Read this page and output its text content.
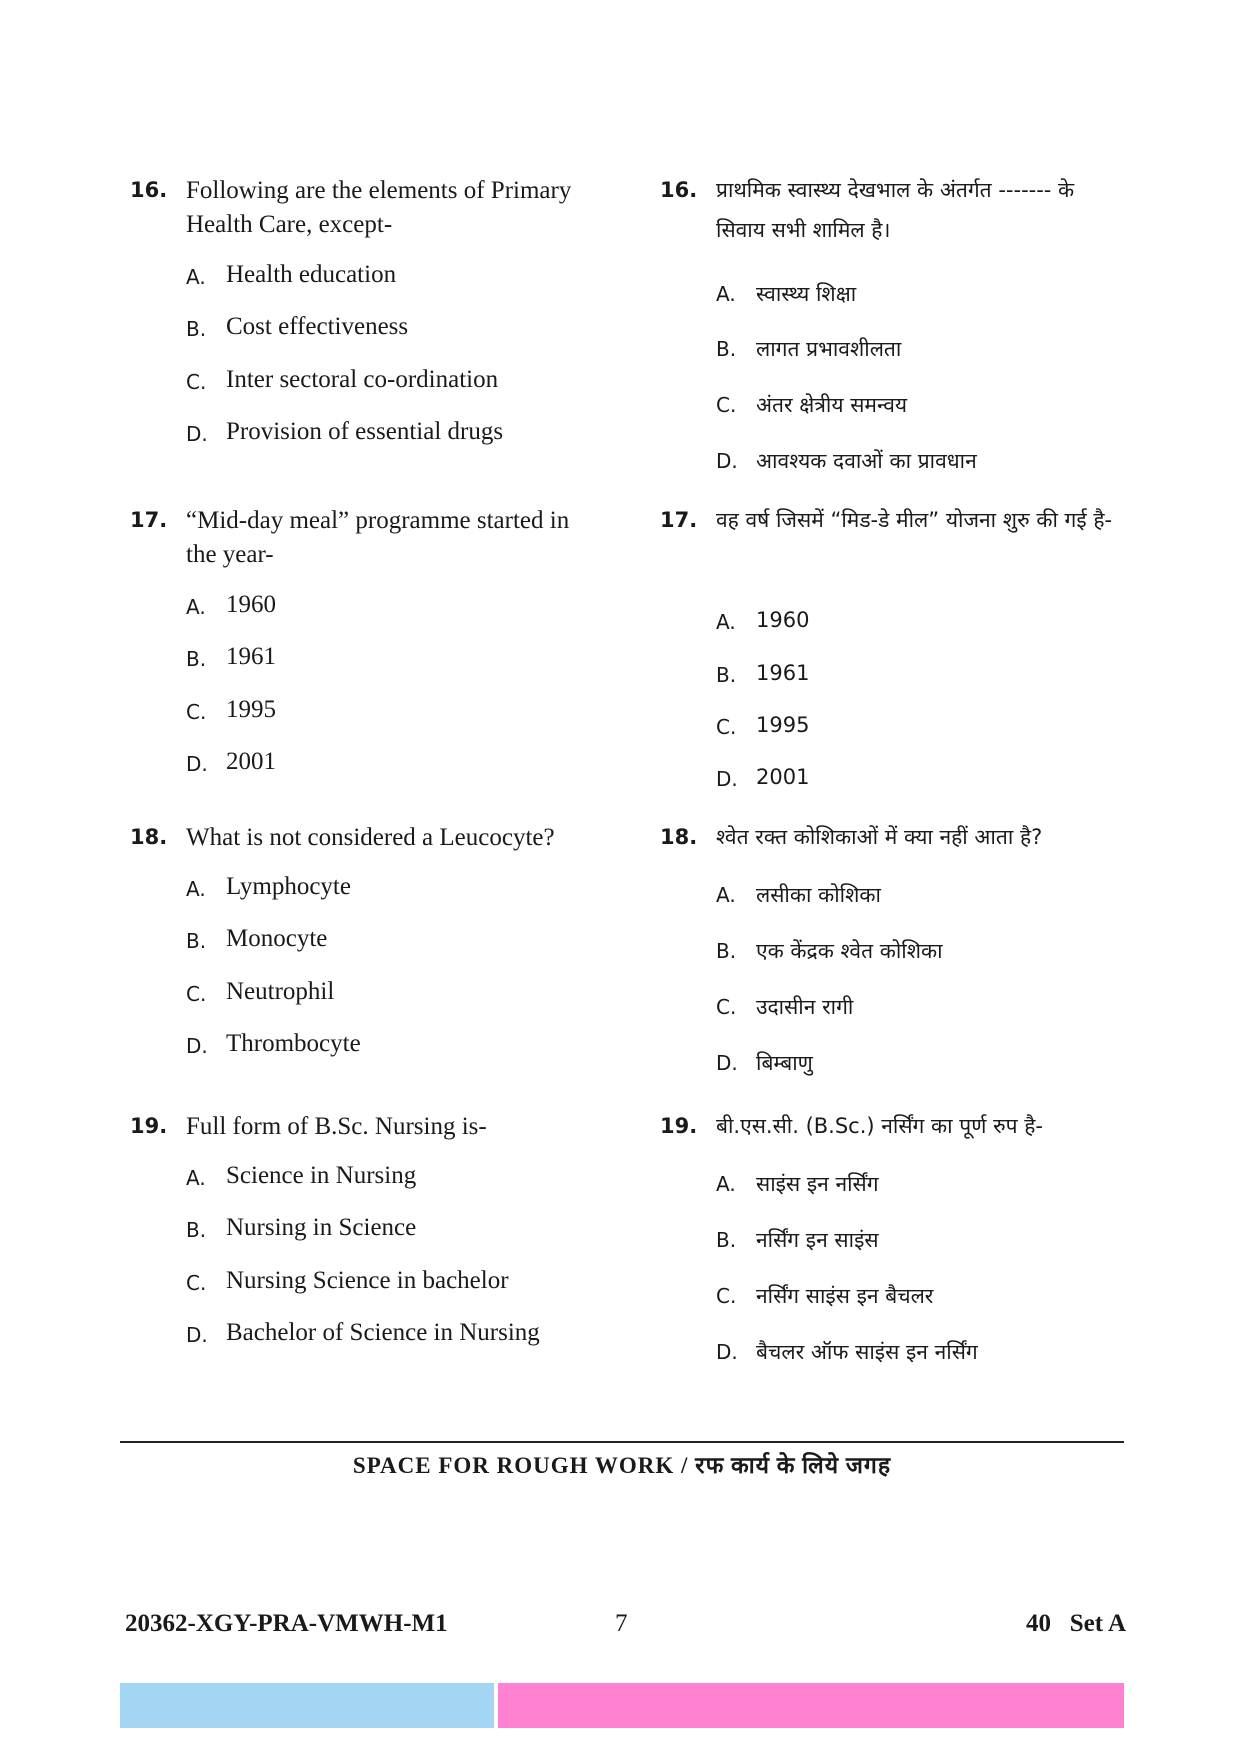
16. Following are the elements of Primary Health Care, except-
A. Health education
B. Cost effectiveness
C. Inter sectoral co-ordination
D. Provision of essential drugs
17. “Mid-day meal” programme started in the year-
A. 1960
B. 1961
C. 1995
D. 2001
18. What is not considered a Leucocyte?
A. Lymphocyte
B. Monocyte
C. Neutrophil
D. Thrombocyte
19. Full form of B.Sc. Nursing is-
A. Science in Nursing
B. Nursing in Science
C. Nursing Science in bachelor
D. Bachelor of Science in Nursing
16. प्राथमिक स्वास्थ्य देखभाल के अंतर्गत ------- के सिवाय सभी शामिल है।
A. स्वास्थ्य शिक्षा
B. लागत प्रभावशीलता
C. अंतर क्षेत्रीय समन्वय
D. आवश्यक दवाओं का प्रावधान
17. वह वर्ष जिसमें “मिड-डे मील” योजना शुरु की गई है-
A. 1960
B. 1961
C. 1995
D. 2001
18. श्वेत रक्त कोशिकाओं में क्या नहीं आता है?
A. लसीका कोशिका
B. एक केंद्रक श्वेत कोशिका
C. उदासीन रागी
D. बिम्बाणु
19. बी.एस.सी. (B.Sc.) नर्सिंग का पूर्ण रुप है-
A. साइंस इन नर्सिंग
B. नर्सिंग इन साइंस
C. नर्सिंग साइंस इन बैचलर
D. बैचलर ऑफ साइंस इन नर्सिंग
SPACE FOR ROUGH WORK / रफ कार्य के लिये जगह
20362-XGY-PRA-VMWH-M1	7	40   Set A
